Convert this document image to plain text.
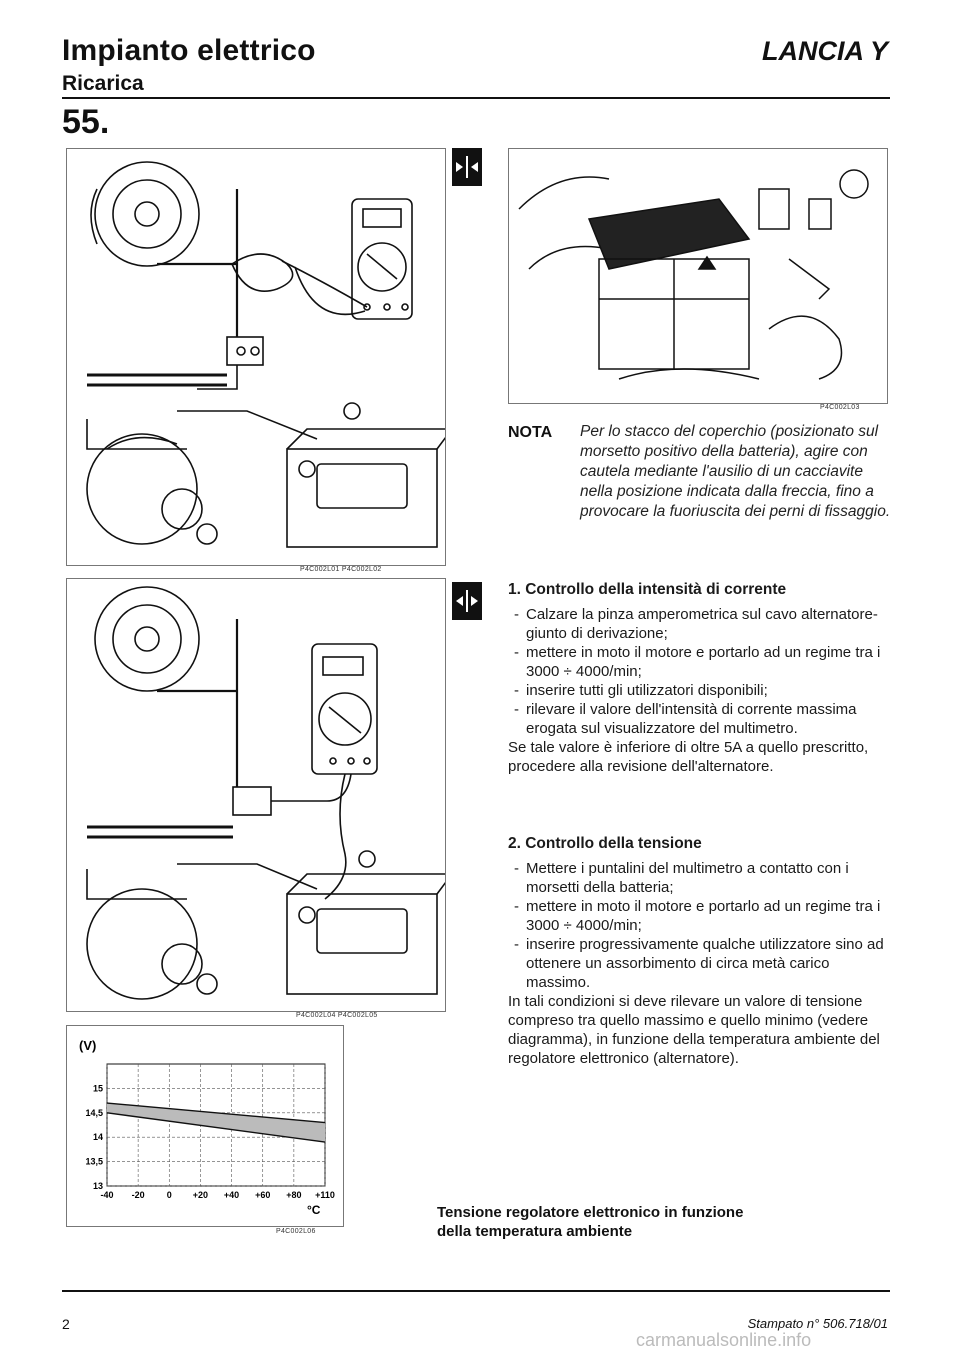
Impianto elettrico
Ricarica
LANCIA Y
55.
P4C002L01 P4C002L02
P4C002L04 P4C002L05
(V)
°C
15
14,5
14
13,5
13
-40 -20 0 +20 +40 +60 +80 +110
P4C002L06
P4C002L03
NOTA Per lo stacco del coperchio (posizionato sul morsetto positivo della batteria), agire con cautela mediante l'ausilio di un cacciavite nella posizione indicata dalla freccia, fino a provocare la fuoriuscita dei perni di fissaggio.
1. Controllo della intensità di corrente
- Calzare la pinza amperometrica sul cavo alternatore-giunto di derivazione;
- mettere in moto il motore e portarlo ad un regime tra i 3000 ÷ 4000/min;
- inserire tutti gli utilizzatori disponibili;
- rilevare il valore dell'intensità di corrente massima erogata sul visualizzatore del multimetro.
Se tale valore è inferiore di oltre 5A a quello prescritto, procedere alla revisione dell'alternatore.
2. Controllo della tensione
- Mettere i puntalini del multimetro a contatto con i morsetti della batteria;
- mettere in moto il motore e portarlo ad un regime tra i 3000 ÷ 4000/min;
- inserire progressivamente qualche utilizzatore sino ad ottenere un assorbimento di circa metà carico massimo.
In tali condizioni si deve rilevare un valore di tensione compreso tra quello massimo e quello minimo (vedere diagramma), in funzione della temperatura ambiente del regolatore elettronico (alternatore).
Tensione regolatore elettronico in funzione
della temperatura ambiente
2	Stampato n° 506.718/01
carmanualsonline.info
